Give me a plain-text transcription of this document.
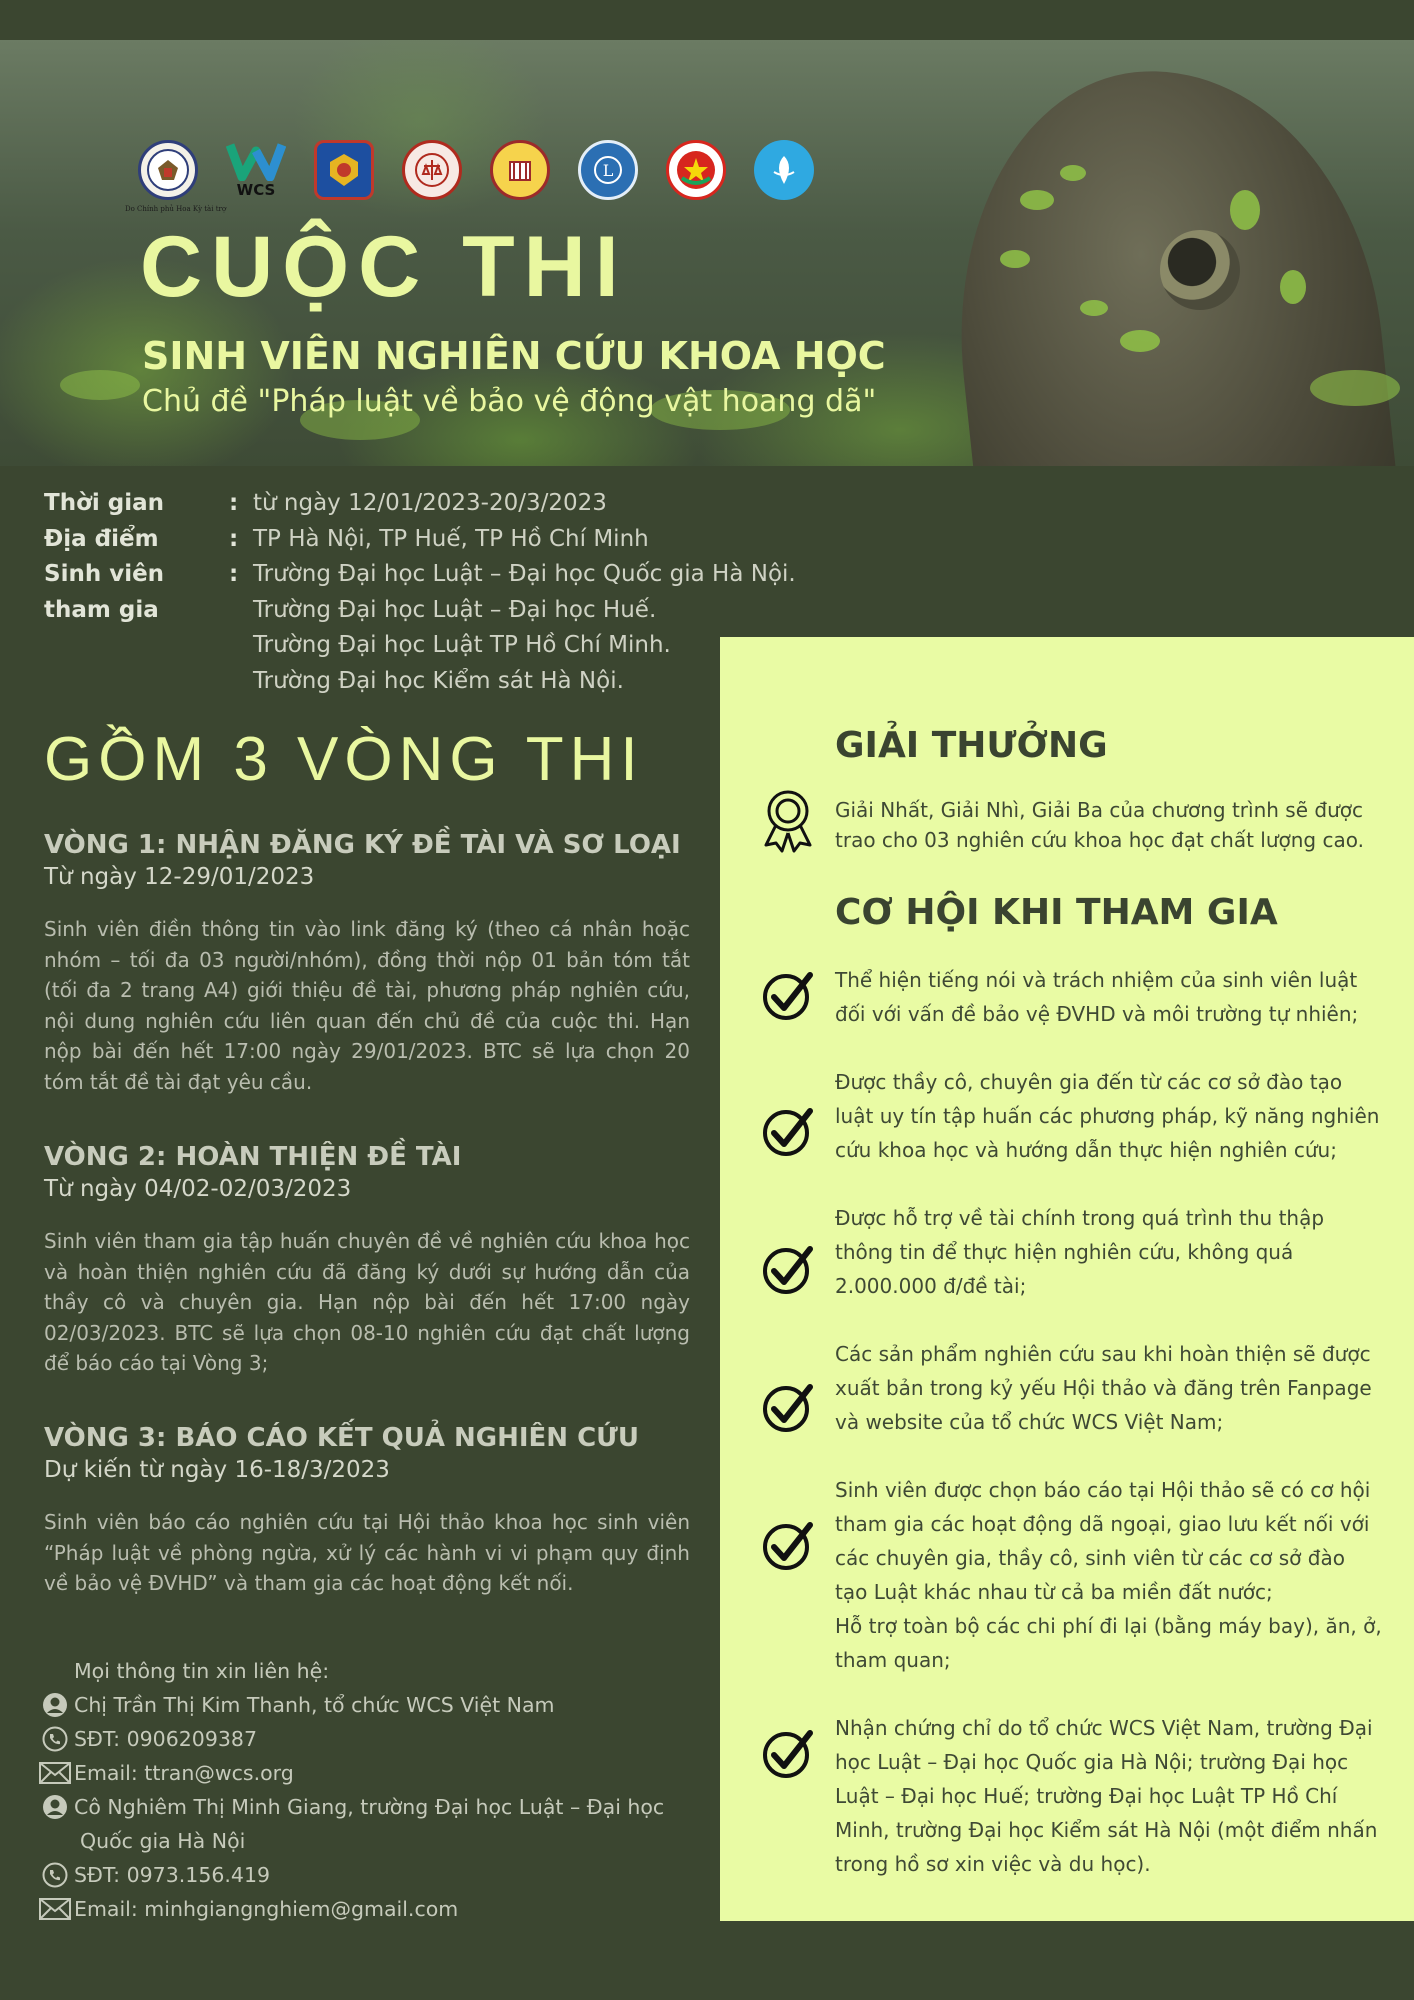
Do Chính phủ Hoa Kỳ tài trợ
WCS
L
CUỘC THI
SINH VIÊN NGHIÊN CỨU KHOA HỌC
Chủ đề "Pháp luật về bảo vệ động vật hoang dã"
Thời gian	: từ ngày 12/01/2023-20/3/2023
Địa điểm	: TP Hà Nội, TP Huế, TP Hồ Chí Minh
Sinh viên	: Trường Đại học Luật – Đại học Quốc gia Hà Nội.
tham gia	Trường Đại học Luật – Đại học Huế.
Trường Đại học Luật TP Hồ Chí Minh.
Trường Đại học Kiểm sát Hà Nội.
GỒM 3 VÒNG THI
VÒNG 1: NHẬN ĐĂNG KÝ ĐỀ TÀI VÀ SƠ LOẠI
Từ ngày 12-29/01/2023
Sinh viên điền thông tin vào link đăng ký (theo cá nhân hoặc nhóm – tối đa 03 người/nhóm), đồng thời nộp 01 bản tóm tắt (tối đa 2 trang A4) giới thiệu đề tài, phương pháp nghiên cứu, nội dung nghiên cứu liên quan đến chủ đề của cuộc thi. Hạn nộp bài đến hết 17:00 ngày 29/01/2023. BTC sẽ lựa chọn 20 tóm tắt đề tài đạt yêu cầu.
VÒNG 2: HOÀN THIỆN ĐỀ TÀI
Từ ngày 04/02-02/03/2023
Sinh viên tham gia tập huấn chuyên đề về nghiên cứu khoa học và hoàn thiện nghiên cứu đã đăng ký dưới sự hướng dẫn của thầy cô và chuyên gia. Hạn nộp bài đến hết 17:00 ngày 02/03/2023. BTC sẽ lựa chọn 08-10 nghiên cứu đạt chất lượng để báo cáo tại Vòng 3;
VÒNG 3: BÁO CÁO KẾT QUẢ NGHIÊN CỨU
Dự kiến từ ngày 16-18/3/2023
Sinh viên báo cáo nghiên cứu tại Hội thảo khoa học sinh viên “Pháp luật về phòng ngừa, xử lý các hành vi vi phạm quy định về bảo vệ ĐVHD” và tham gia các hoạt động kết nối.
Mọi thông tin xin liên hệ:
Chị Trần Thị Kim Thanh, tổ chức WCS Việt Nam
SĐT: 0906209387
Email: ttran@wcs.org
Cô Nghiêm Thị Minh Giang, trường Đại học Luật – Đại học
Quốc gia Hà Nội
SĐT: 0973.156.419
Email: minhgiangnghiem@gmail.com
GIẢI THƯỞNG
Giải Nhất, Giải Nhì, Giải Ba của chương trình sẽ được trao cho 03 nghiên cứu khoa học đạt chất lượng cao.
CƠ HỘI KHI THAM GIA
Thể hiện tiếng nói và trách nhiệm của sinh viên luật đối với vấn đề bảo vệ ĐVHD và môi trường tự nhiên;
Được thầy cô, chuyên gia đến từ các cơ sở đào tạo luật uy tín tập huấn các phương pháp, kỹ năng nghiên cứu khoa học và hướng dẫn thực hiện nghiên cứu;
Được hỗ trợ về tài chính trong quá trình thu thập thông tin để thực hiện nghiên cứu, không quá 2.000.000 đ/đề tài;
Các sản phẩm nghiên cứu sau khi hoàn thiện sẽ được xuất bản trong kỷ yếu Hội thảo và đăng trên Fanpage và website của tổ chức WCS Việt Nam;
Sinh viên được chọn báo cáo tại Hội thảo sẽ có cơ hội tham gia các hoạt động dã ngoại, giao lưu kết nối với các chuyên gia, thầy cô, sinh viên từ các cơ sở đào tạo Luật khác nhau từ cả ba miền đất nước;
Hỗ trợ toàn bộ các chi phí đi lại (bằng máy bay), ăn, ở, tham quan;
Nhận chứng chỉ do tổ chức WCS Việt Nam, trường Đại học Luật – Đại học Quốc gia Hà Nội; trường Đại học Luật – Đại học Huế; trường Đại học Luật TP Hồ Chí Minh, trường Đại học Kiểm sát Hà Nội (một điểm nhấn trong hồ sơ xin việc và du học).
